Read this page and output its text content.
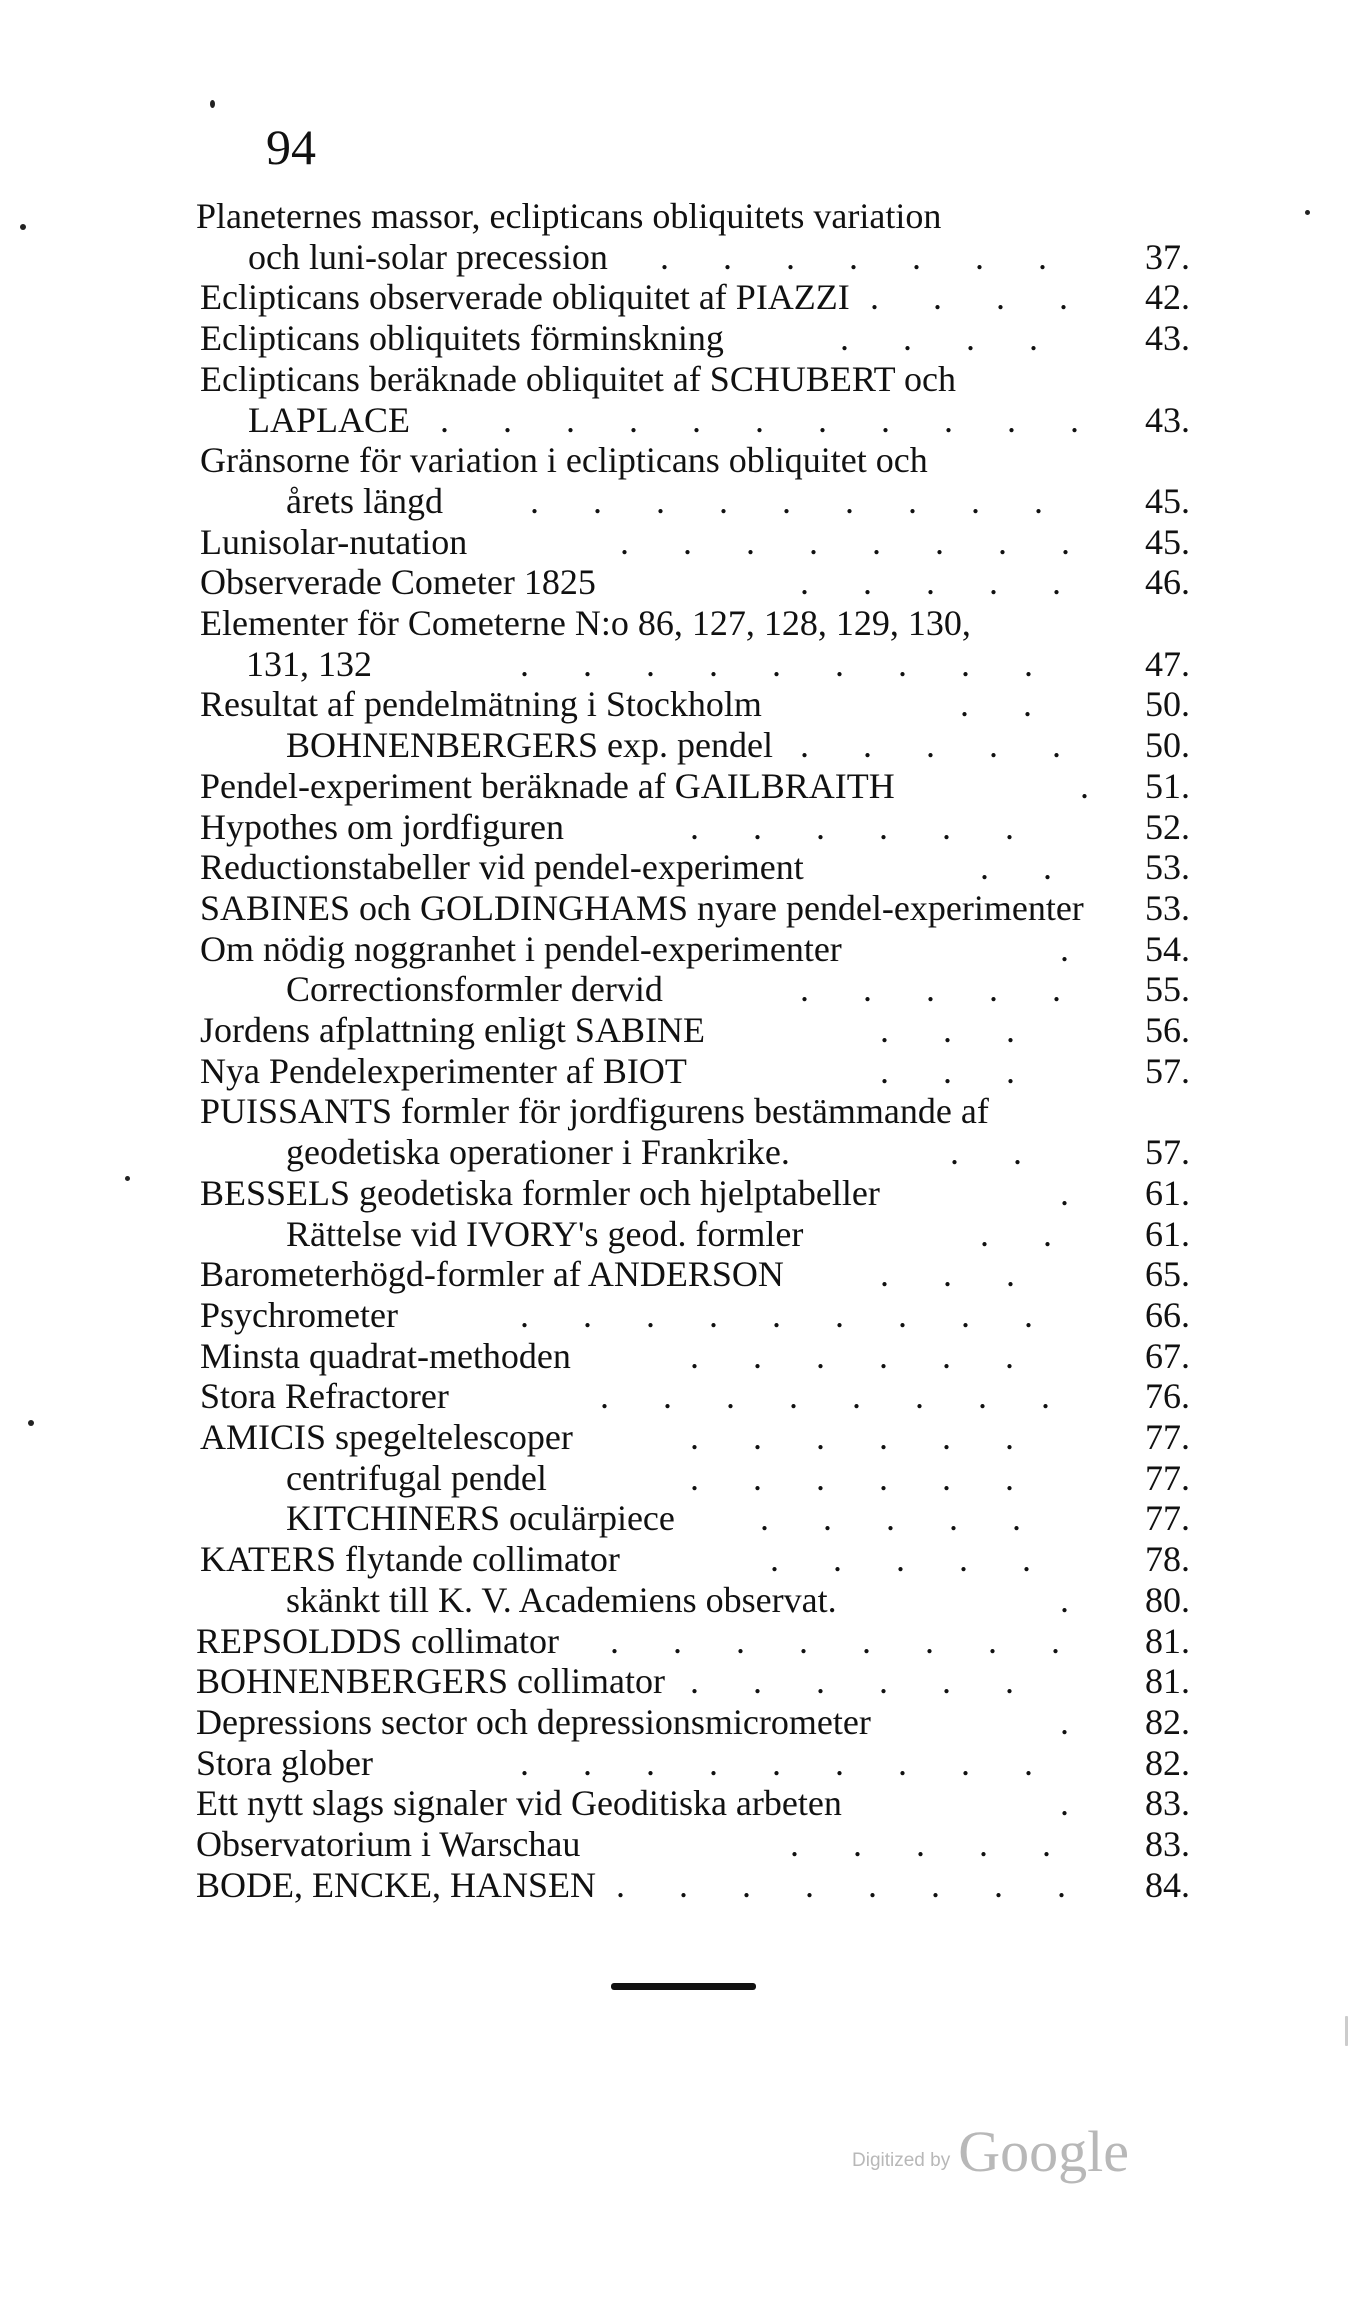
94
Planeternes massor, eclipticans obliquitets variation
och luni-solar precession .  .  .  .  .  .  .	37.
Eclipticans observerade obliquitet af PIAZZI .  .  .  . 42.
Eclipticans obliquitets förminskning	.  .  .  .	43.
Eclipticans beräknade obliquitet af SCHUBERT och
LAPLACE .  .  .  .  .  .  .  .  .  .  . 43.
Gränsorne för variation i eclipticans obliquitet och
årets längd .  .  .  .  .  .  .  .  .	45.
Lunisolar-nutation	.  .  .  .  .  .  .  . 45.
Observerade Cometer 1825	.  .  .  .  . 46.
Elementer för Cometerne N:o 86, 127, 128, 129, 130,
131, 132	.  .  .  .  .  .  .  .  .	47.
Resultat af pendelmätning i Stockholm	.  .	50.
BOHNENBERGERS exp. pendel .  .  .  .  . 50.
Pendel-experiment beräknade af GAILBRAITH	. 51.
Hypothes om jordfiguren	.  .  .  .  .  .	52.
Reductionstabeller vid pendel-experiment	.  .	53.
SABINES och GOLDINGHAMS nyare pendel-experimenter 53.
Om nödig noggranhet i pendel-experimenter	. 54.
Correctionsformler dervid	.  .  .  .  . 55.
Jordens afplattning enligt SABINE	.  .  .	56.
Nya Pendelexperimenter af BIOT	.  .  .	57.
PUISSANTS formler för jordfigurens bestämmande af
geodetiska operationer i Frankrike.	.  .	57.
BESSELS geodetiska formler och hjelptabeller	. 61.
Rättelse vid IVORY's geod. formler	.  .	61.
Barometerhögd-formler af ANDERSON	.  .  .	65.
Psychrometer	.  .  .  .  .  .  .  .  .	66.
Minsta quadrat-methoden	.  .  .  .  .  .	67.
Stora Refractorer	.  .  .  .  .  .  .  .	76.
AMICIS spegeltelescoper	.  .  .  .  .  .	77.
centrifugal pendel	.  .  .  .  .  .	77.
KITCHINERS oculärpiece .  .  .  .  .	77.
KATERS flytande collimator	.  .  .  .  .	78.
skänkt till K. V. Academiens observat.	. 80.
REPSOLDDS collimator .  .  .  .  .  .  .  . 81.
BOHNENBERGERS collimator .  .  .  .  .  .	81.
Depressions sector och depressionsmicrometer	. 82.
Stora glober	.  .  .  .  .  .  .  .  .	82.
Ett nytt slags signaler vid Geoditiska arbeten	. 83.
Observatorium i Warschau	.  .  .  .  .	83.
BODE, ENCKE, HANSEN .  .  .  .  .  .  .  . 84.
Digitized by Google
